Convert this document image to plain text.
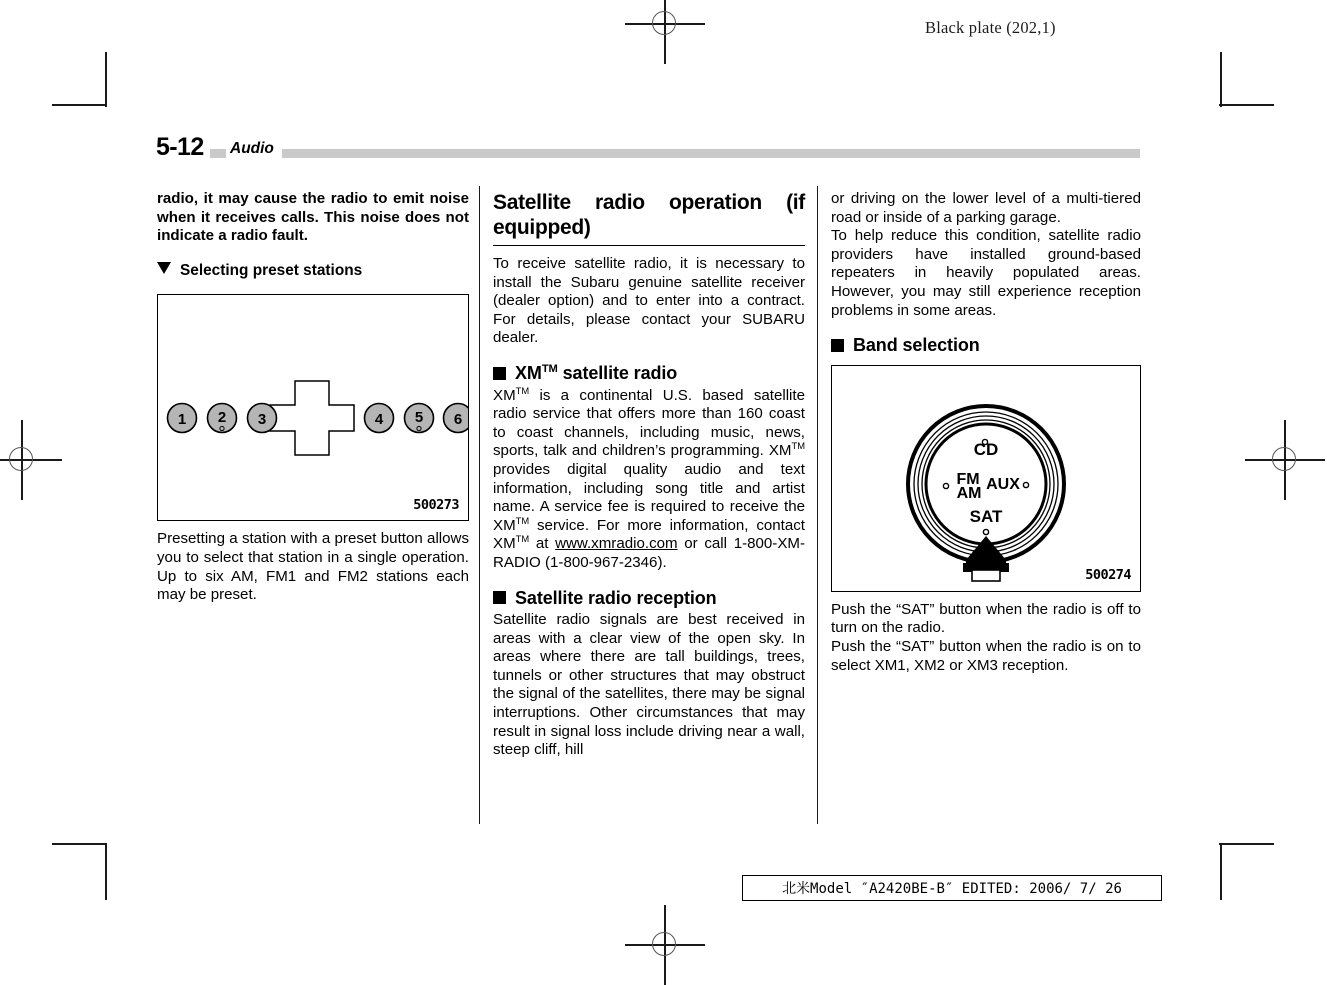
Black plate (202,1)
5-12	Audio
radio, it may cause the radio to emit noise when it receives calls. This noise does not indicate a radio fault.
Selecting preset stations
1 2 3	4 5 6
500273
Presetting a station with a preset button allows you to select that station in a single operation. Up to six AM, FM1 and FM2 stations each may be preset.
Satellite radio operation (if equipped)
To receive satellite radio, it is necessary to install the Subaru genuine satellite receiver (dealer option) and to enter into a contract. For details, please contact your SUBARU dealer.
XM™ satellite radio
XM™ is a continental U.S. based satellite radio service that offers more than 160 coast to coast channels, including music, news, sports, talk and children’s programming. XM™ provides digital quality audio and text information, including song title and artist name. A service fee is required to receive the XM™ service. For more information, contact XM™ at www.xmradio.com or call 1-800-XM-RADIO (1-800-967-2346).
Satellite radio reception
Satellite radio signals are best received in areas with a clear view of the open sky. In areas where there are tall buildings, trees, tunnels or other structures that may obstruct the signal of the satellites, there may be signal interruptions. Other circumstances that may result in signal loss include driving near a wall, steep cliff, hill
or driving on the lower level of a multi-tiered road or inside of a parking garage.
To help reduce this condition, satellite radio providers have installed ground-based repeaters in heavily populated areas. However, you may still experience reception problems in some areas.
Band selection
CD
FM
AM
AUX
SAT
500274
Push the “SAT” button when the radio is off to turn on the radio.
Push the “SAT” button when the radio is on to select XM1, XM2 or XM3 reception.
北米Model ″A2420BE-B″ EDITED: 2006/ 7/ 26
